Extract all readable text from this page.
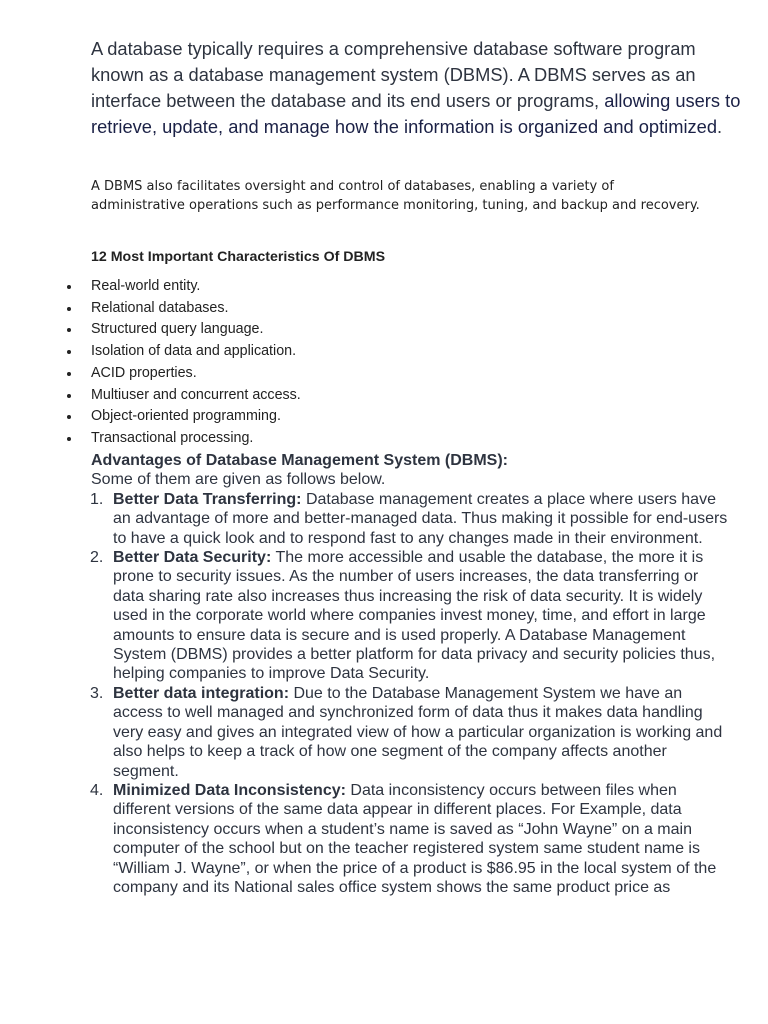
A database typically requires a comprehensive database software program known as a database management system (DBMS). A DBMS serves as an interface between the database and its end users or programs, allowing users to retrieve, update, and manage how the information is organized and optimized.

A DBMS also facilitates oversight and control of databases, enabling a variety of administrative operations such as performance monitoring, tuning, and backup and recovery.

12 Most Important Characteristics Of DBMS

Real-world entity.
Relational databases.
Structured query language.
Isolation of data and application.
ACID properties.
Multiuser and concurrent access.
Object-oriented programming.
Transactional processing.

Advantages of Database Management System (DBMS):

Some of them are given as follows below.

1. Better Data Transferring: Database management creates a place where users have an advantage of more and better-managed data. Thus making it possible for end-users to have a quick look and to respond fast to any changes made in their environment.
2. Better Data Security: The more accessible and usable the database, the more it is prone to security issues. As the number of users increases, the data transferring or data sharing rate also increases thus increasing the risk of data security. It is widely used in the corporate world where companies invest money, time, and effort in large amounts to ensure data is secure and is used properly. A Database Management System (DBMS) provides a better platform for data privacy and security policies thus, helping companies to improve Data Security.
3. Better data integration: Due to the Database Management System we have an access to well managed and synchronized form of data thus it makes data handling very easy and gives an integrated view of how a particular organization is working and also helps to keep a track of how one segment of the company affects another segment.
4. Minimized Data Inconsistency: Data inconsistency occurs between files when different versions of the same data appear in different places. For Example, data inconsistency occurs when a student’s name is saved as “John Wayne” on a main computer of the school but on the teacher registered system same student name is “William J. Wayne”, or when the price of a product is $86.95 in the local system of the company and its National sales office system shows the same product price as
